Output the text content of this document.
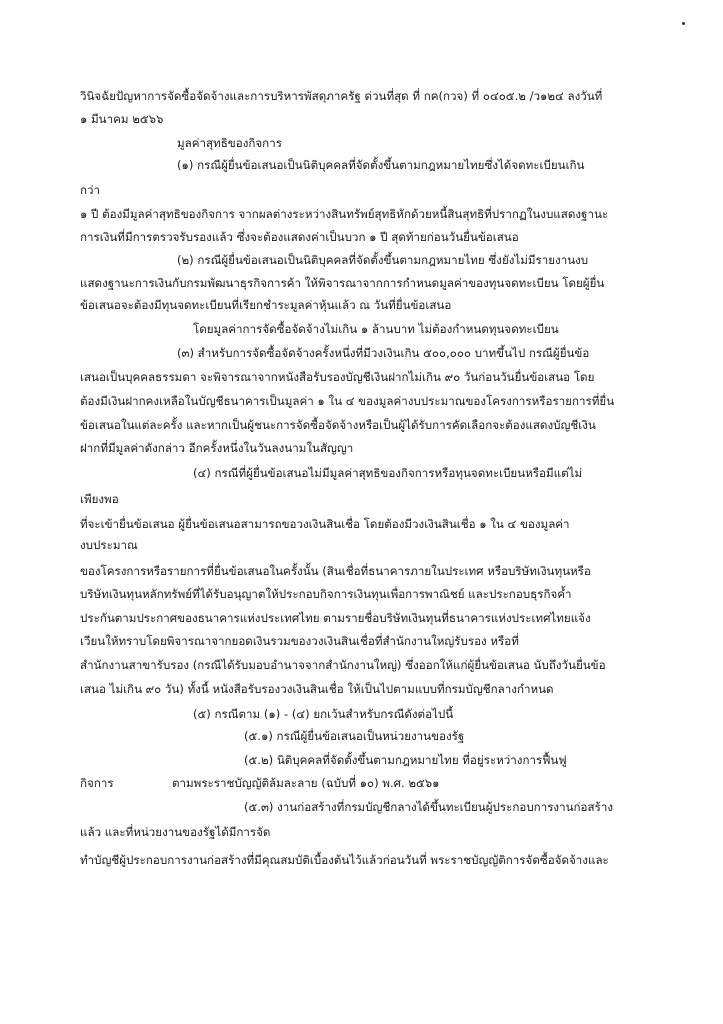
วินิจฉัยปัญหาการจัดซื้อจัดจ้างและการบริหารพัสดุภาครัฐ ด่วนที่สุด ที่ กค(กวจ) ที่ ๐๔๐๕.๒ /ว๑๒๔ ลงวันที่
๑ มีนาคม ๒๕๖๖
มูลค่าสุทธิของกิจการ
(๑) กรณีผู้ยื่นข้อเสนอเป็นนิติบุคคลที่จัดตั้งขึ้นตามกฎหมายไทยซึ่งได้จดทะเบียนเกิน
กว่า
๑ ปี ต้องมีมูลค่าสุทธิของกิจการ จากผลต่างระหว่างสินทรัพย์สุทธิหักด้วยหนี้สินสุทธิที่ปรากฏในงบแสดงฐานะ
การเงินที่มีการตรวจรับรองแล้ว ซึ่งจะต้องแสดงค่าเป็นบวก ๑ ปี สุดท้ายก่อนวันยื่นข้อเสนอ
(๒) กรณีผู้ยื่นข้อเสนอเป็นนิติบุคคลที่จัดตั้งขึ้นตามกฎหมายไทย ซึ่งยังไม่มีรายงานงบ
แสดงฐานะการเงินกับกรมพัฒนาธุรกิจการค้า ให้พิจารณาจากการกำหนดมูลค่าของทุนจดทะเบียน โดยผู้ยื่น
ข้อเสนอจะต้องมีทุนจดทะเบียนที่เรียกชำระมูลค่าหุ้นแล้ว ณ วันที่ยื่นข้อเสนอ
โดยมูลค่าการจัดซื้อจัดจ้างไม่เกิน ๑ ล้านบาท ไม่ต้องกำหนดทุนจดทะเบียน
(๓) สำหรับการจัดซื้อจัดจ้างครั้งหนึ่งที่มีวงเงินเกิน ๕๐๐,๐๐๐ บาทขึ้นไป กรณีผู้ยื่นข้อ
เสนอเป็นบุคคลธรรมดา จะพิจารณาจากหนังสือรับรองบัญชีเงินฝากไม่เกิน ๙๐ วันก่อนวันยื่นข้อเสนอ โดย
ต้องมีเงินฝากคงเหลือในบัญชีธนาคารเป็นมูลค่า ๑ ใน ๔ ของมูลค่างบประมาณของโครงการหรือรายการที่ยื่น
ข้อเสนอในแต่ละครั้ง และหากเป็นผู้ชนะการจัดซื้อจัดจ้างหรือเป็นผู้ได้รับการคัดเลือกจะต้องแสดงบัญชีเงิน
ฝากที่มีมูลค่าดังกล่าว อีกครั้งหนึ่งในวันลงนามในสัญญา
(๔) กรณีที่ผู้ยื่นข้อเสนอไม่มีมูลค่าสุทธิของกิจการหรือทุนจดทะเบียนหรือมีแต่ไม่
เพียงพอ
ที่จะเข้ายื่นข้อเสนอ ผู้ยื่นข้อเสนอสามารถขอวงเงินสินเชื่อ โดยต้องมีวงเงินสินเชื่อ ๑ ใน ๔ ของมูลค่า
งบประมาณ
ของโครงการหรือรายการที่ยื่นข้อเสนอในครั้งนั้น (สินเชื่อที่ธนาคารภายในประเทศ หรือบริษัทเงินทุนหรือ
บริษัทเงินทุนหลักทรัพย์ที่ได้รับอนุญาตให้ประกอบกิจการเงินทุนเพื่อการพาณิชย์ และประกอบธุรกิจค้ำ
ประกันตามประกาศของธนาคารแห่งประเทศไทย ตามรายชื่อบริษัทเงินทุนที่ธนาคารแห่งประเทศไทยแจ้ง
เวียนให้ทราบโดยพิจารณาจากยอดเงินรวมของวงเงินสินเชื่อที่สำนักงานใหญ่รับรอง หรือที่
สำนักงานสาขารับรอง (กรณีได้รับมอบอำนาจจากสำนักงานใหญ่) ซึ่งออกให้แก่ผู้ยื่นข้อเสนอ นับถึงวันยื่นข้อ
เสนอ ไม่เกิน ๙๐ วัน) ทั้งนี้ หนังสือรับรองวงเงินสินเชื่อ ให้เป็นไปตามแบบที่กรมบัญชีกลางกำหนด
(๕) กรณีตาม (๑) - (๔) ยกเว้นสำหรับกรณีดังต่อไปนี้
(๕.๑) กรณีผู้ยื่นข้อเสนอเป็นหน่วยงานของรัฐ
(๕.๒) นิติบุคคลที่จัดตั้งขึ้นตามกฎหมายไทย ที่อยู่ระหว่างการฟื้นฟู
กิจการ	ตามพระราชบัญญัติล้มละลาย (ฉบับที่ ๑๐) พ.ศ. ๒๕๖๑
(๕.๓) งานก่อสร้างที่กรมบัญชีกลางได้ขึ้นทะเบียนผู้ประกอบการงานก่อสร้าง
แล้ว และที่หน่วยงานของรัฐได้มีการจัด
ทำบัญชีผู้ประกอบการงานก่อสร้างที่มีคุณสมบัติเบื้องต้นไว้แล้วก่อนวันที่ พระราชบัญญัติการจัดซื้อจัดจ้างและ
